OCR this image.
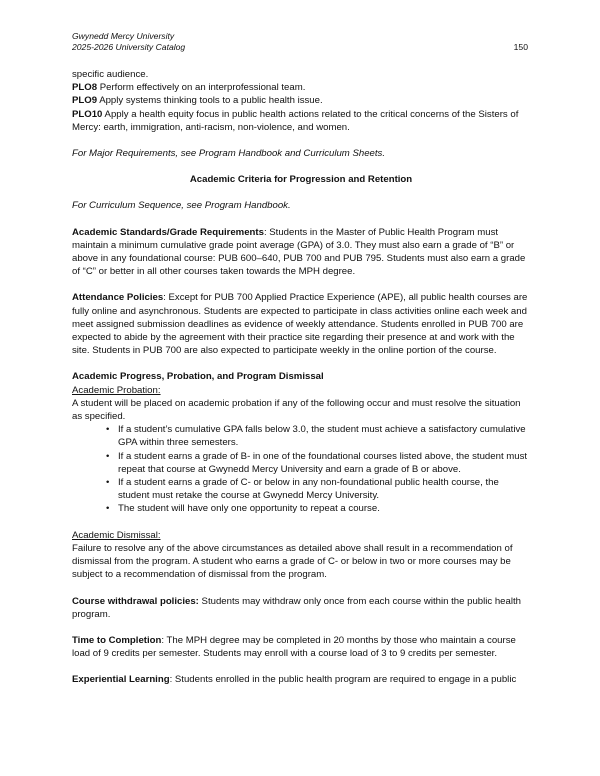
Gwynedd Mercy University
2025-2026 University Catalog	150

specific audience.

PLO8 Perform effectively on an interprofessional team.

PLO9 Apply systems thinking tools to a public health issue.

PLO10 Apply a health equity focus in public health actions related to the critical concerns of the Sisters of Mercy: earth, immigration, anti-racism, non-violence, and women.

For Major Requirements, see Program Handbook and Curriculum Sheets.

Academic Criteria for Progression and Retention

For Curriculum Sequence, see Program Handbook.

Academic Standards/Grade Requirements: Students in the Master of Public Health Program must maintain a minimum cumulative grade point average (GPA) of 3.0. They must also earn a grade of “B” or above in any foundational course: PUB 600–640, PUB 700 and PUB 795. Students must also earn a grade of “C” or better in all other courses taken towards the MPH degree.

Attendance Policies: Except for PUB 700 Applied Practice Experience (APE), all public health courses are fully online and asynchronous. Students are expected to participate in class activities online each week and meet assigned submission deadlines as evidence of weekly attendance. Students enrolled in PUB 700 are expected to abide by the agreement with their practice site regarding their presence at and work with the site. Students in PUB 700 are also expected to participate weekly in the online portion of the course.

Academic Progress, Probation, and Program Dismissal

Academic Probation:

A student will be placed on academic probation if any of the following occur and must resolve the situation as specified.

• If a student’s cumulative GPA falls below 3.0, the student must achieve a satisfactory cumulative GPA within three semesters.
• If a student earns a grade of B- in one of the foundational courses listed above, the student must repeat that course at Gwynedd Mercy University and earn a grade of B or above.
• If a student earns a grade of C- or below in any non-foundational public health course, the student must retake the course at Gwynedd Mercy University.
• The student will have only one opportunity to repeat a course.

Academic Dismissal:

Failure to resolve any of the above circumstances as detailed above shall result in a recommendation of dismissal from the program. A student who earns a grade of C- or below in two or more courses may be subject to a recommendation of dismissal from the program.

Course withdrawal policies: Students may withdraw only once from each course within the public health program.

Time to Completion: The MPH degree may be completed in 20 months by those who maintain a course load of 9 credits per semester. Students may enroll with a course load of 3 to 9 credits per semester.

Experiential Learning: Students enrolled in the public health program are required to engage in a public
